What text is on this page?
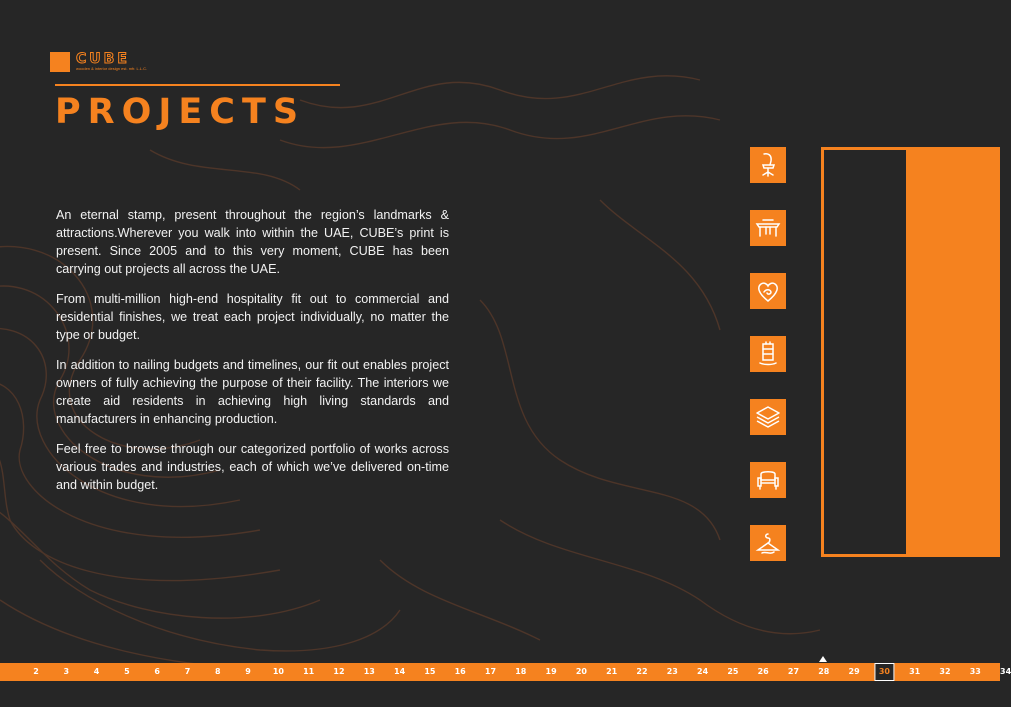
CUBE
wooden & interior design est. mfr. L.L.C.
PROJECTS

An eternal stamp, present throughout the region’s landmarks & attractions.Wherever you walk into within the UAE, CUBE’s print is present. Since 2005 and to this very moment, CUBE has been carrying out projects all across the UAE.

From multi-million high-end hospitality fit out to commercial and residential finishes, we treat each project individually, no matter the type or budget.

In addition to nailing budgets and timelines, our fit out enables project owners of fully achieving the purpose of their facility. The interiors we create aid residents in achieving high living standards and manufacturers in enhancing production.

Feel free to browse through our categorized portfolio of works across various trades and industries, each of which we’ve delivered on-time and within budget.

2	3	4	5	6	7	8	9	10 11 12 13 14 15 16 17 18 19 20 21 22 23 24 25 26 27 28 29	30	31 32 33 34
